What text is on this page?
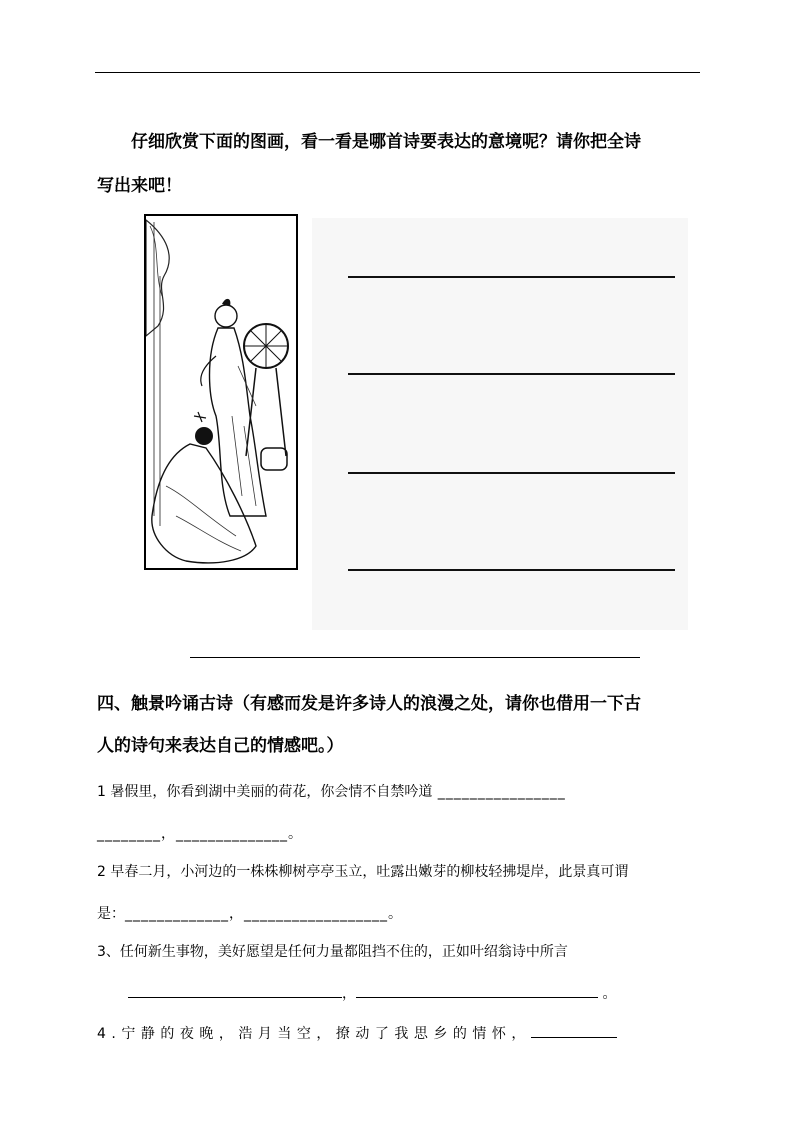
仔细欣赏下面的图画，看一看是哪首诗要表达的意境呢？请你把全诗
写出来吧！
四、触景吟诵古诗（有感而发是许多诗人的浪漫之处，请你也借用一下古
人的诗句来表达自己的情感吧。）
1 暑假里，你看到湖中美丽的荷花，你会情不自禁吟道 ________________
________，______________。
2 早春二月，小河边的一株株柳树亭亭玉立，吐露出嫩芽的柳枝轻拂堤岸，此景真可谓
是：_____________，__________________。
3、任何新生事物，美好愿望是任何力量都阻挡不住的，正如叶绍翁诗中所言
，	。
4.宁静的夜晚，浩月当空，撩动了我思乡的情怀，
